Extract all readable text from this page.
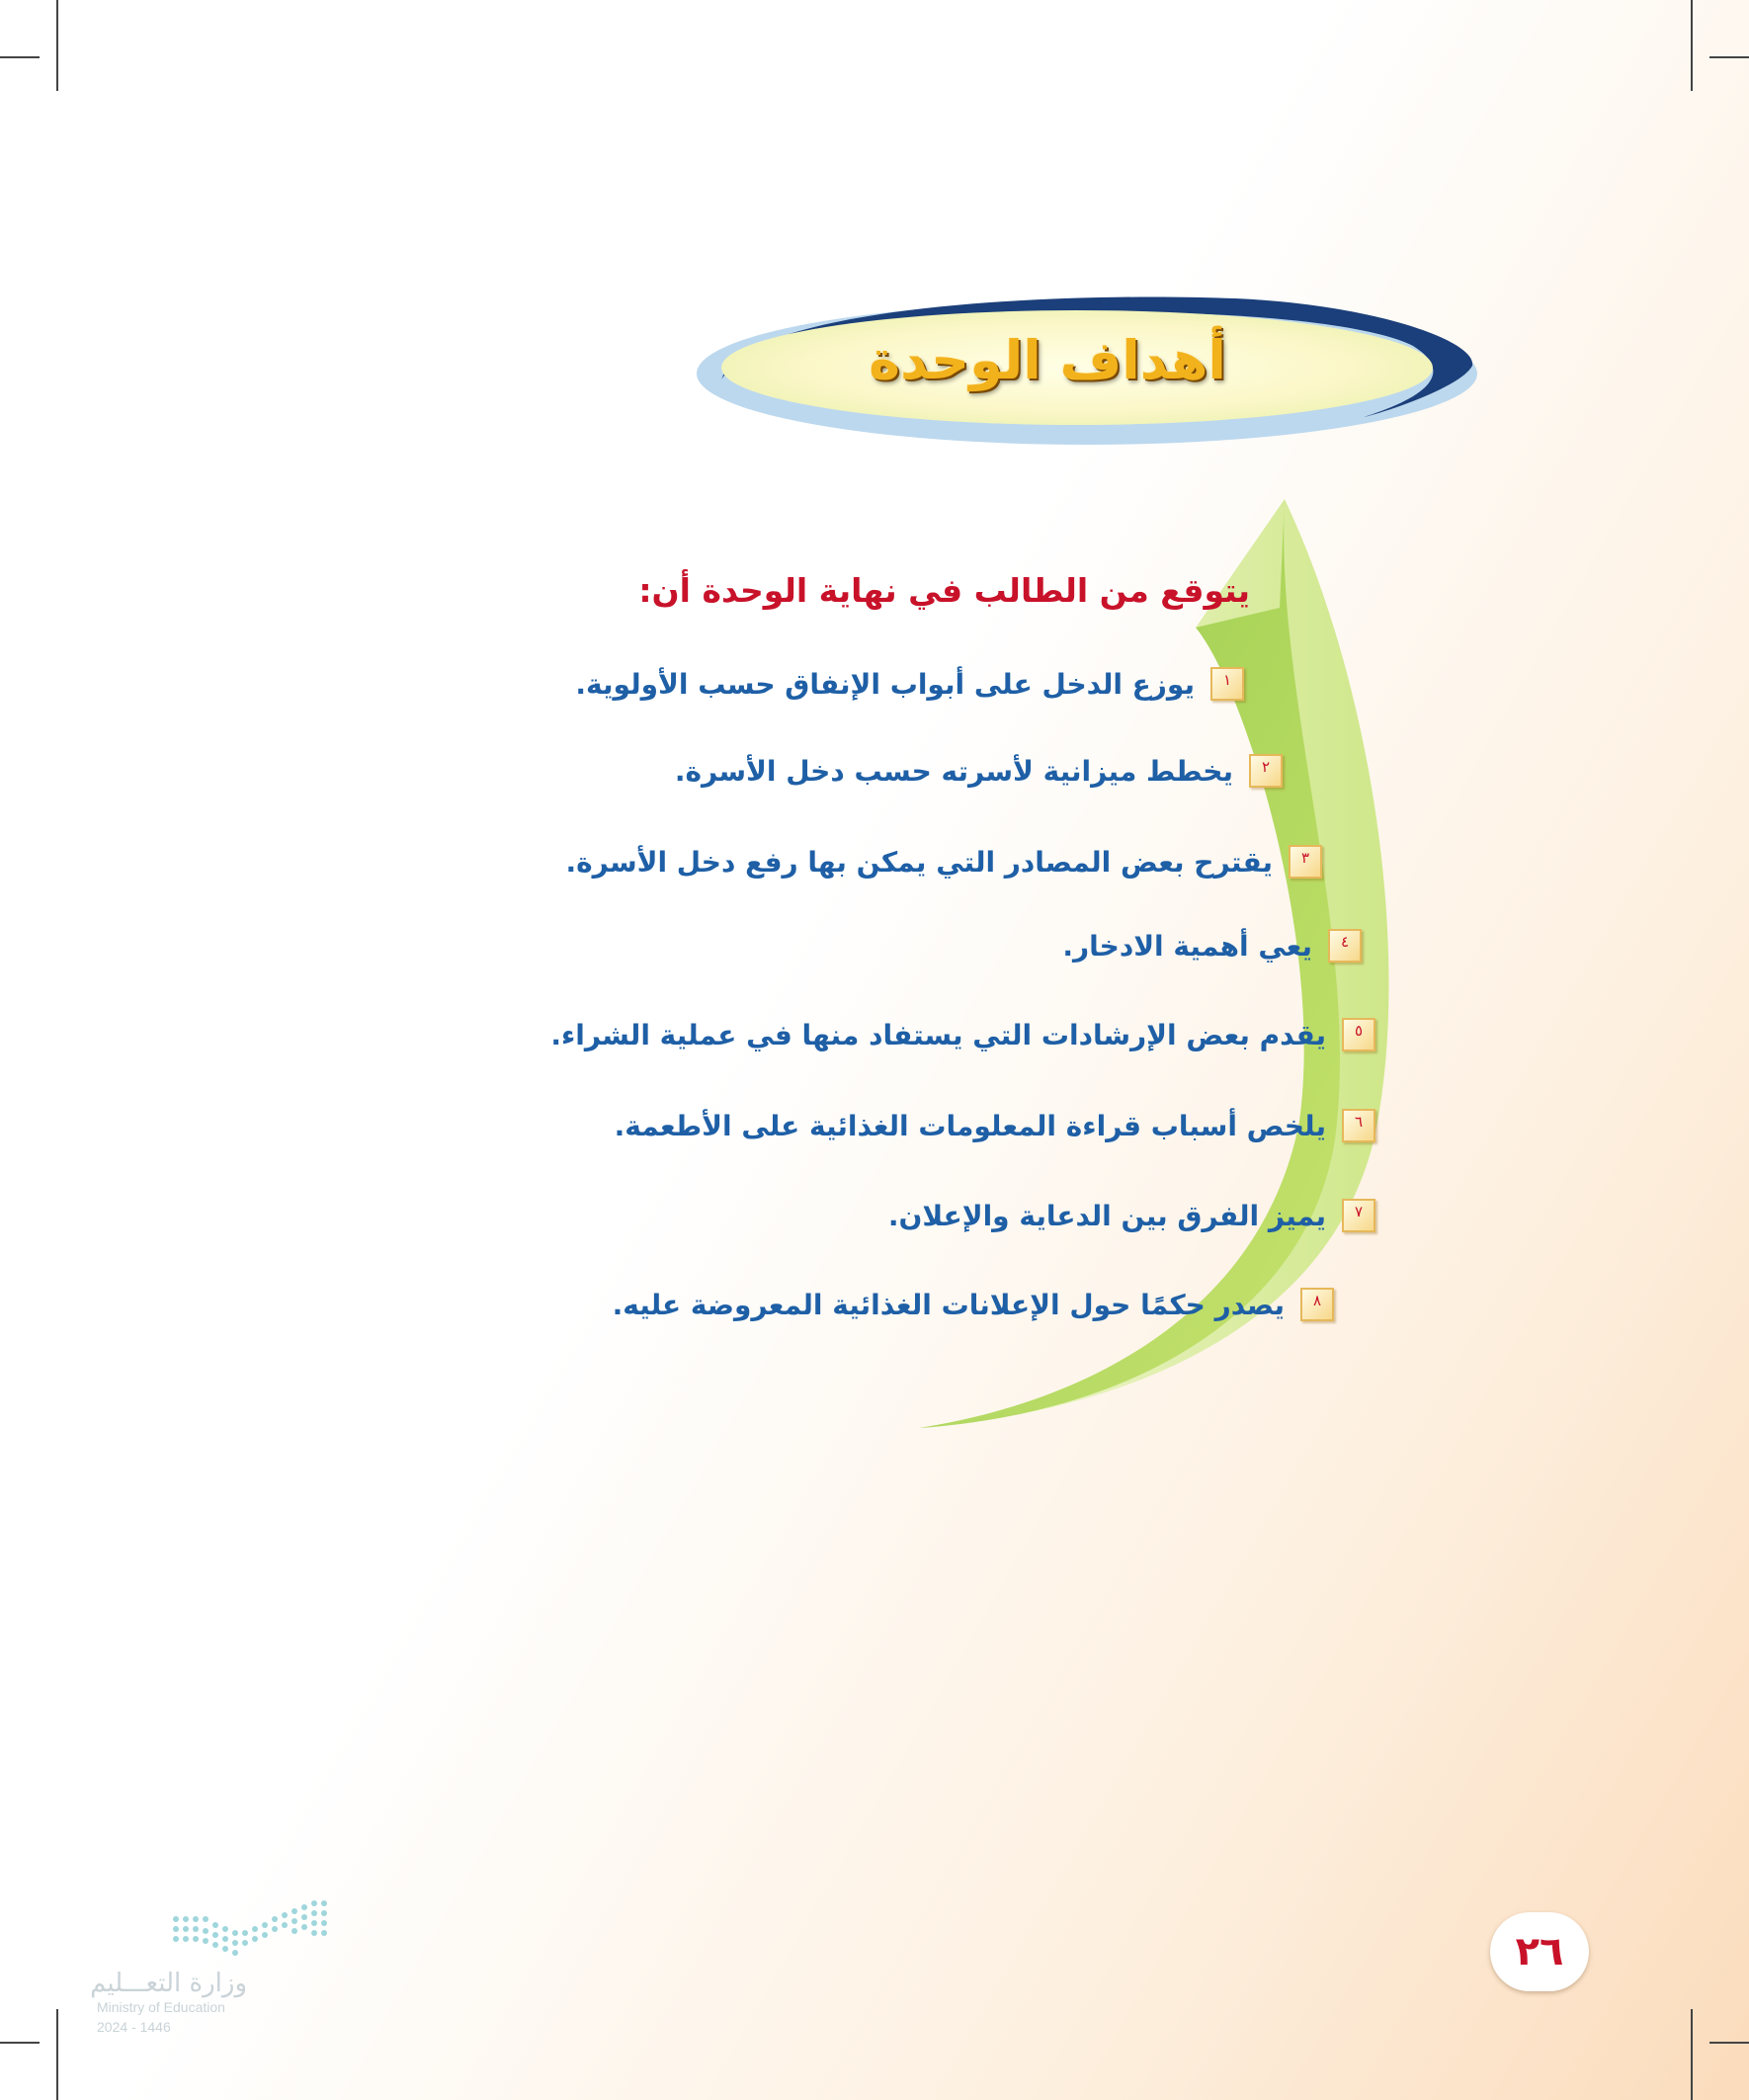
أهداف الوحدة
يتوقع من الطالب في نهاية الوحدة أن:
١
يوزع الدخل على أبواب الإنفاق حسب الأولوية.
٢
يخطط ميزانية لأسرته حسب دخل الأسرة.
٣
يقترح بعض المصادر التي يمكن بها رفع دخل الأسرة.
٤
يعي أهمية الادخار.
٥
يقدم بعض الإرشادات التي يستفاد منها في عملية الشراء.
٦
يلخص أسباب قراءة المعلومات الغذائية على الأطعمة.
٧
يميز الفرق بين الدعاية والإعلان.
٨
يصدر حكمًا حول الإعلانات الغذائية المعروضة عليه.
وزارة التعـــليم
Ministry of Education
2024 - 1446
٢٦
